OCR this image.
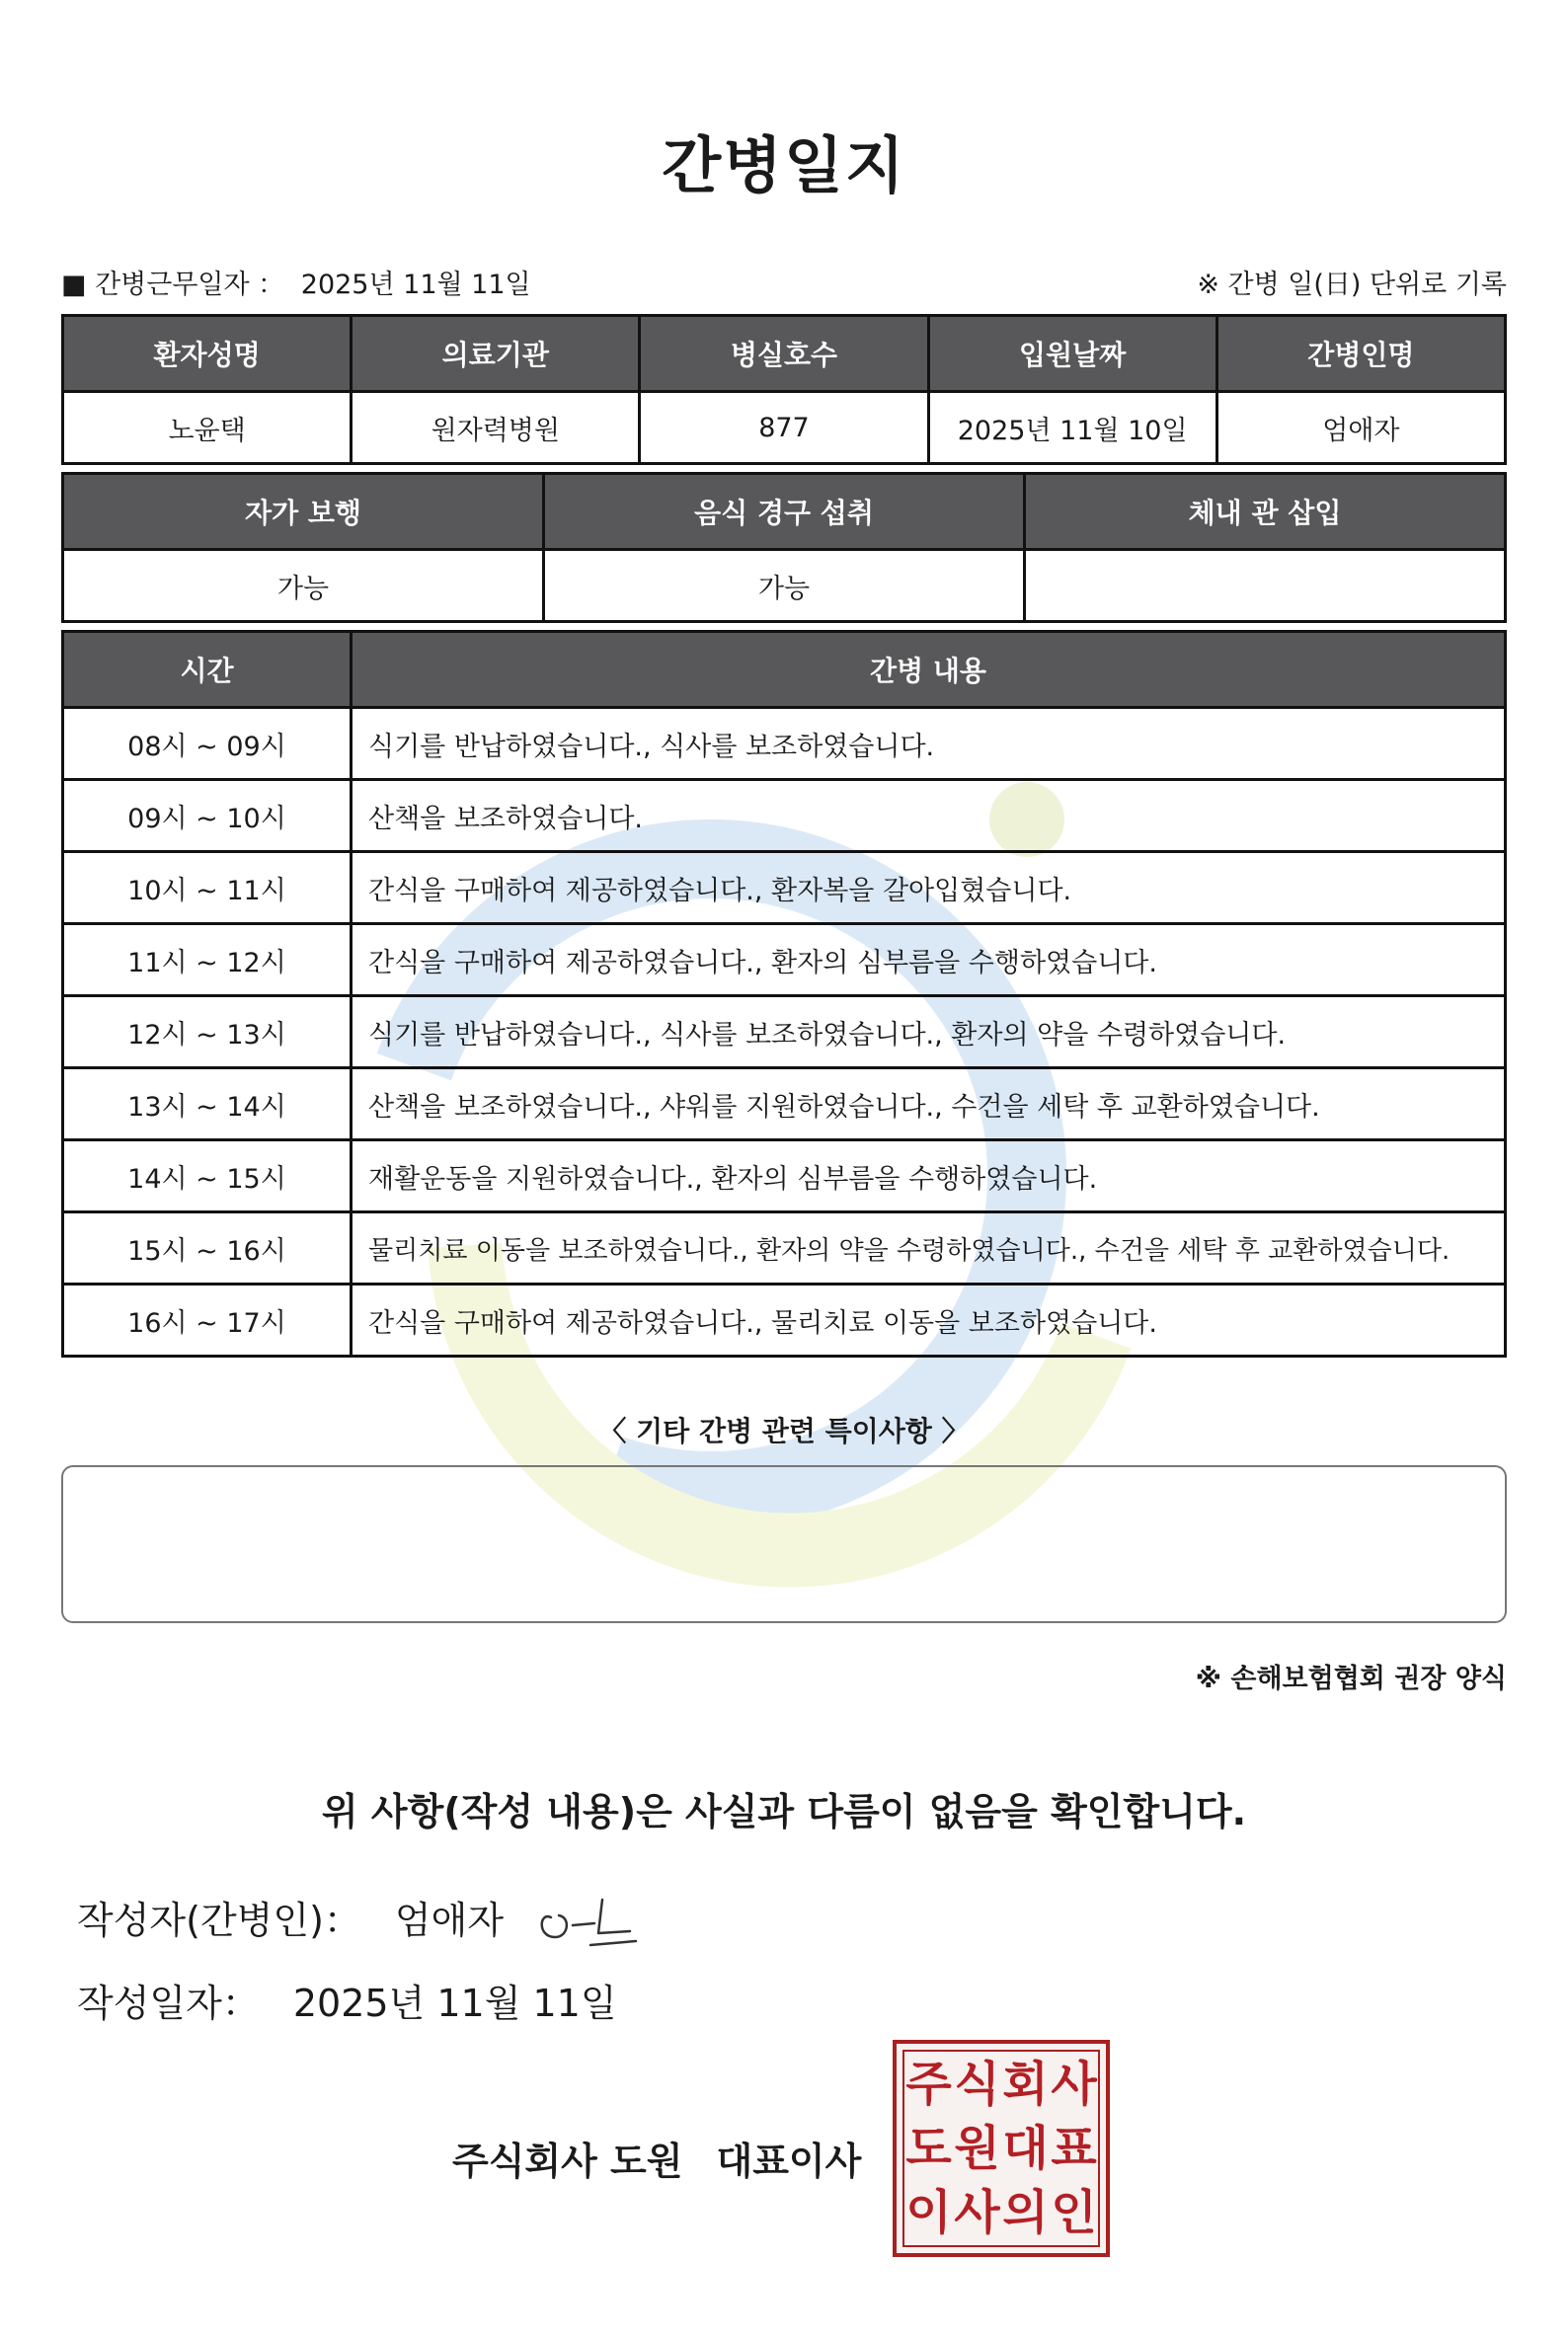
간병일지
■ 간병근무일자 ： 2025년 11월 11일	※ 간병 일(日) 단위로 기록
환자성명	의료기관	병실호수	입원날짜	간병인명
노윤택	원자력병원	877	2025년 11월 10일	엄애자
자가 보행	음식 경구 섭취	체내 관 삽입
가능	가능	
시간	간병 내용
08시 ~ 09시	식기를 반납하였습니다., 식사를 보조하였습니다.
09시 ~ 10시	산책을 보조하였습니다.
10시 ~ 11시	간식을 구매하여 제공하였습니다., 환자복을 갈아입혔습니다.
11시 ~ 12시	간식을 구매하여 제공하였습니다., 환자의 심부름을 수행하였습니다.
12시 ~ 13시	식기를 반납하였습니다., 식사를 보조하였습니다., 환자의 약을 수령하였습니다.
13시 ~ 14시	산책을 보조하였습니다., 샤워를 지원하였습니다., 수건을 세탁 후 교환하였습니다.
14시 ~ 15시	재활운동을 지원하였습니다., 환자의 심부름을 수행하였습니다.
15시 ~ 16시	물리치료 이동을 보조하였습니다., 환자의 약을 수령하였습니다., 수건을 세탁 후 교환하였습니다.
16시 ~ 17시	간식을 구매하여 제공하였습니다., 물리치료 이동을 보조하였습니다.
〈 기타 간병 관련 특이사항 〉
※ 손해보험협회 권장 양식
위 사항(작성 내용)은 사실과 다름이 없음을 확인합니다.
작성자(간병인)： 엄애자
작성일자： 2025년 11월 11일
주식회사 도원 대표이사
주 식 회 사
도 원 대 표
이 사 의 인
